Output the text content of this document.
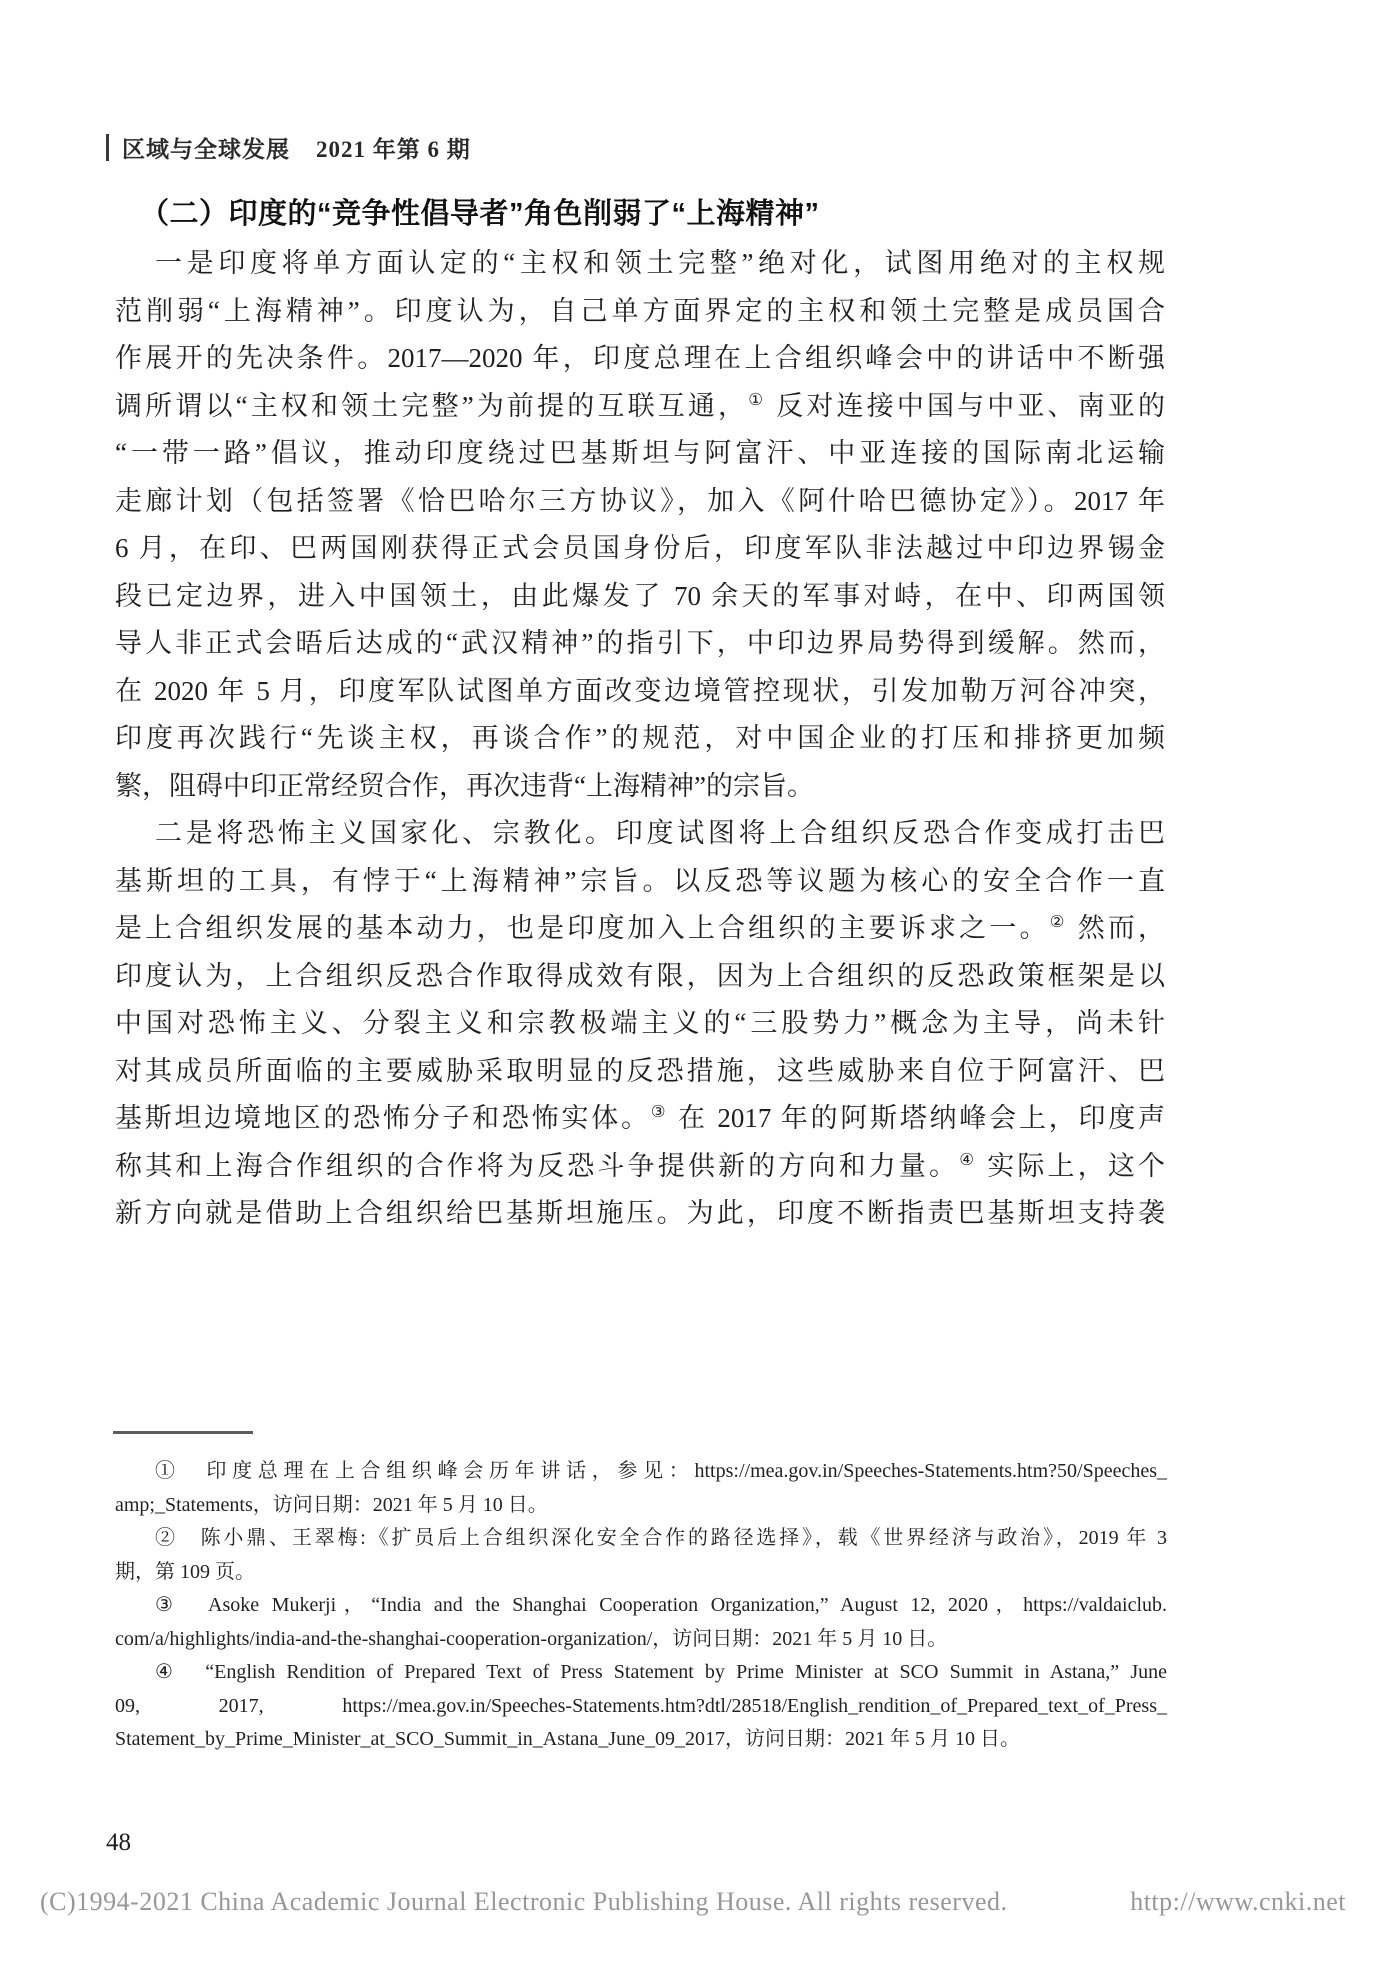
区域与全球发展 2021 年第 6 期
（二）印度的“竞争性倡导者”角色削弱了“上海精神”
一是印度将单方面认定的“主权和领土完整”绝对化，试图用绝对的主权规
范削弱“上海精神”。印度认为，自己单方面界定的主权和领土完整是成员国合
作展开的先决条件。2017—2020 年，印度总理在上合组织峰会中的讲话中不断强
调所谓以“主权和领土完整”为前提的互联互通，① 反对连接中国与中亚、南亚的
“一带一路”倡议，推动印度绕过巴基斯坦与阿富汗、中亚连接的国际南北运输
走廊计划（包括签署《恰巴哈尔三方协议》，加入《阿什哈巴德协定》）。2017 年
6 月，在印、巴两国刚获得正式会员国身份后，印度军队非法越过中印边界锡金
段已定边界，进入中国领土，由此爆发了 70 余天的军事对峙，在中、印两国领
导人非正式会晤后达成的“武汉精神”的指引下，中印边界局势得到缓解。然而，
在 2020 年 5 月，印度军队试图单方面改变边境管控现状，引发加勒万河谷冲突，
印度再次践行“先谈主权，再谈合作”的规范，对中国企业的打压和排挤更加频
繁，阻碍中印正常经贸合作，再次违背“上海精神”的宗旨。
二是将恐怖主义国家化、宗教化。印度试图将上合组织反恐合作变成打击巴
基斯坦的工具，有悖于“上海精神”宗旨。以反恐等议题为核心的安全合作一直
是上合组织发展的基本动力，也是印度加入上合组织的主要诉求之一。② 然而，
印度认为，上合组织反恐合作取得成效有限，因为上合组织的反恐政策框架是以
中国对恐怖主义、分裂主义和宗教极端主义的“三股势力”概念为主导，尚未针
对其成员所面临的主要威胁采取明显的反恐措施，这些威胁来自位于阿富汗、巴
基斯坦边境地区的恐怖分子和恐怖实体。③ 在 2017 年的阿斯塔纳峰会上，印度声
称其和上海合作组织的合作将为反恐斗争提供新的方向和力量。④ 实际上，这个
新方向就是借助上合组织给巴基斯坦施压。为此，印度不断指责巴基斯坦支持袭
①　印度总理在上合组织峰会历年讲话，参见：https://mea.gov.in/Speeches-Statements.htm?50/Speeches_
amp;_Statements，访问日期：2021 年 5 月 10 日。
②　陈小鼎、王翠梅:《扩员后上合组织深化安全合作的路径选择》，载《世界经济与政治》，2019 年 3
期，第 109 页。
③　Asoke Mukerji，“India and the Shanghai Cooperation Organization,” August 12, 2020，https://valdaiclub.
com/a/highlights/india-and-the-shanghai-cooperation-organization/，访问日期：2021 年 5 月 10 日。
④　“English Rendition of Prepared Text of Press Statement by Prime Minister at SCO Summit in Astana,” June
09, 2017, https://mea.gov.in/Speeches-Statements.htm?dtl/28518/English_rendition_of_Prepared_text_of_Press_
Statement_by_Prime_Minister_at_SCO_Summit_in_Astana_June_09_2017，访问日期：2021 年 5 月 10 日。
48
(C)1994-2021 China Academic Journal Electronic Publishing House. All rights reserved.	http://www.cnki.net
